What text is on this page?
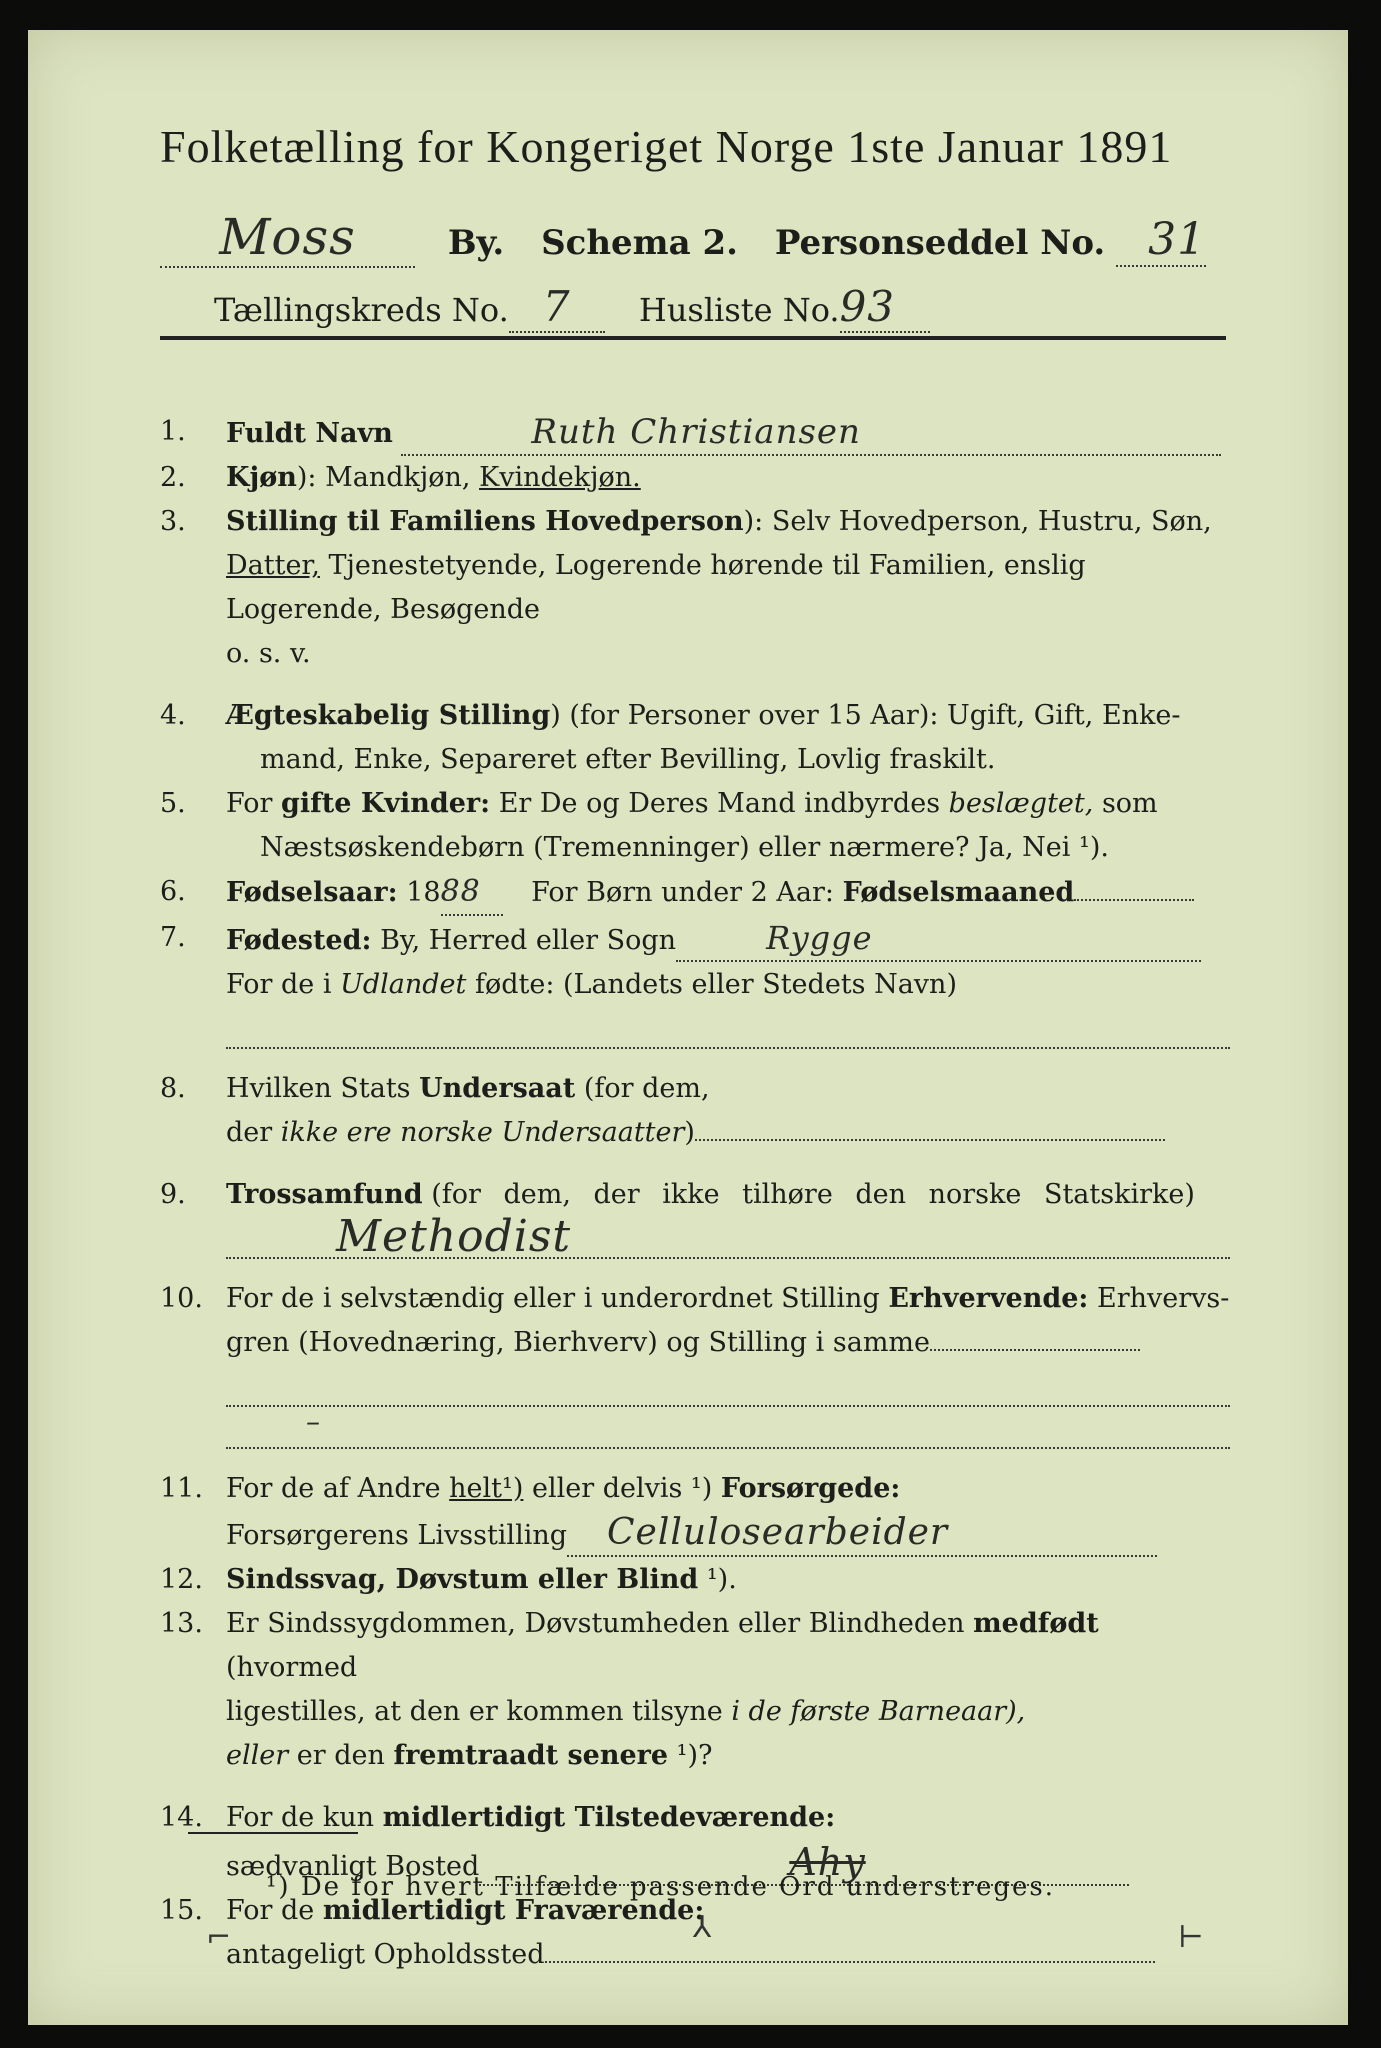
Folketælling for Kongeriget Norge 1ste Januar 1891
Moss	By. Schema 2. Personseddel No. 31
Tællingskreds No. 7 Husliste No.93
1.	Fuldt Navn	Ruth Christiansen
2.	Kjøn): Mandkjøn, Kvindekjøn.
3.	Stilling til Familiens Hovedperson): Selv Hovedperson, Hustru, Søn,
Datter, Tjenestetyende, Logerende hørende til Familien, enslig
Logerende, Besøgende
o. s. v.
4.	Ægteskabelig Stilling) (for Personer over 15 Aar): Ugift, Gift, Enke-
mand, Enke, Separeret efter Bevilling, Lovlig fraskilt.
5.	For gifte Kvinder: Er De og Deres Mand indbyrdes beslægtet, som
Næstsøskendebørn (Tremenninger) eller nærmere? Ja, Nei ¹).
6.	Fødselsaar: 1888 For Børn under 2 Aar: Fødselsmaaned
7.	Fødested: By, Herred eller Sogn	Rygge
For de i Udlandet fødte: (Landets eller Stedets Navn)
8.	Hvilken Stats Undersaat (for dem,
der ikke ere norske Undersaatter)
9.	Trossamfund (for dem, der ikke tilhøre den norske Statskirke)
Methodist
10. For de i selvstændig eller i underordnet Stilling Erhvervende: Erhvervs-
gren (Hovednæring, Bierhverv) og Stilling i samme
–
11. For de af Andre helt¹) eller delvis ¹) Forsørgede:
Forsørgerens Livsstilling Cellulosearbeider
12. Sindssvag, Døvstum eller Blind ¹).
13. Er Sindssygdommen, Døvstumheden eller Blindheden medfødt (hvormed
ligestilles, at den er kommen tilsyne i de første Barneaar),
eller er den fremtraadt senere ¹)?
14. For de kun midlertidigt Tilstedeværende:
sædvanligt Bosted	Ahy
15. For de midlertidigt Fraværende:
antageligt Opholdssted
¹) De for hvert Tilfælde passende Ord understreges.
⌐	⅄	⊢
